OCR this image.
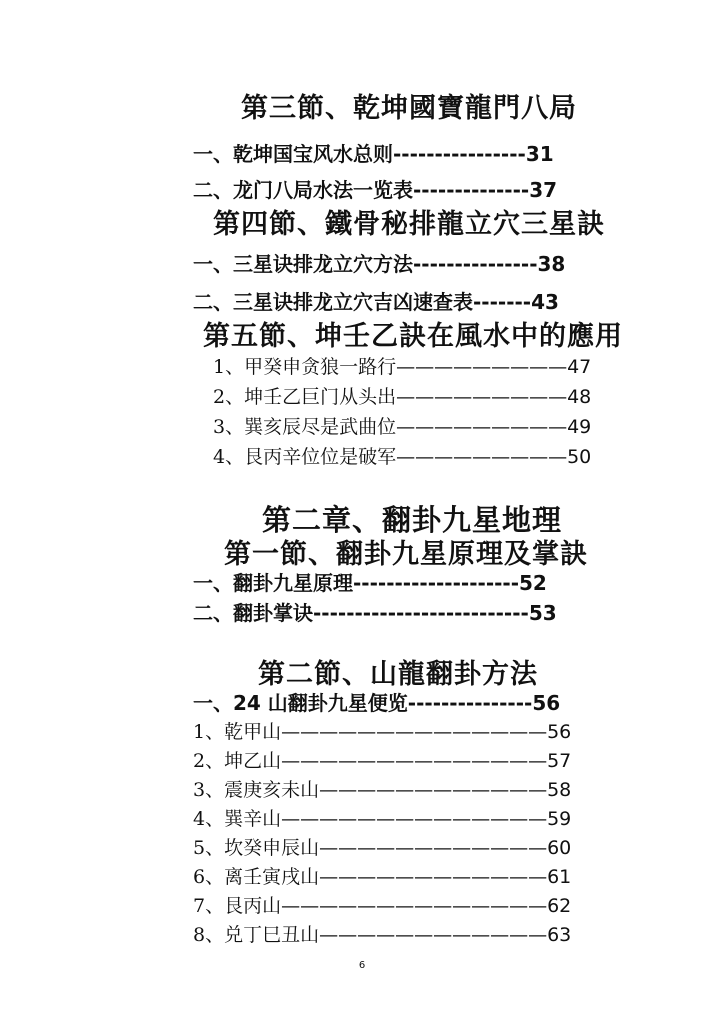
第三節、乾坤國寶龍門八局
一、乾坤国宝风水总则 ---------------- 31
二、龙门八局水法一览表 -------------- 37
第四節、鐵骨秘排龍立穴三星訣
一、三星诀排龙立穴方法 --------------- 38
二、三星诀排龙立穴吉凶速查表 ------- 43
第五節、坤壬乙訣在風水中的應用
1、甲癸申贪狼一路行 ————————— 47
2、坤壬乙巨门从头出 ————————— 48
3、巽亥辰尽是武曲位 ————————— 49
4、艮丙辛位位是破军 ————————— 50
第二章、翻卦九星地理
第一節、翻卦九星原理及掌訣
一、翻卦九星原理 -------------------- 52
二、翻卦掌诀 -------------------------- 53
第二節、山龍翻卦方法
一、24 山翻卦九星便览 --------------- 56
1、乾甲山 —————————————— 56
2、坤乙山 —————————————— 57
3、震庚亥未山 ———————————— 58
4、巽辛山 —————————————— 59
5、坎癸申辰山 ———————————— 60
6、离壬寅戌山 ———————————— 61
7、艮丙山 —————————————— 62
8、兑丁巳丑山 ———————————— 63
6
